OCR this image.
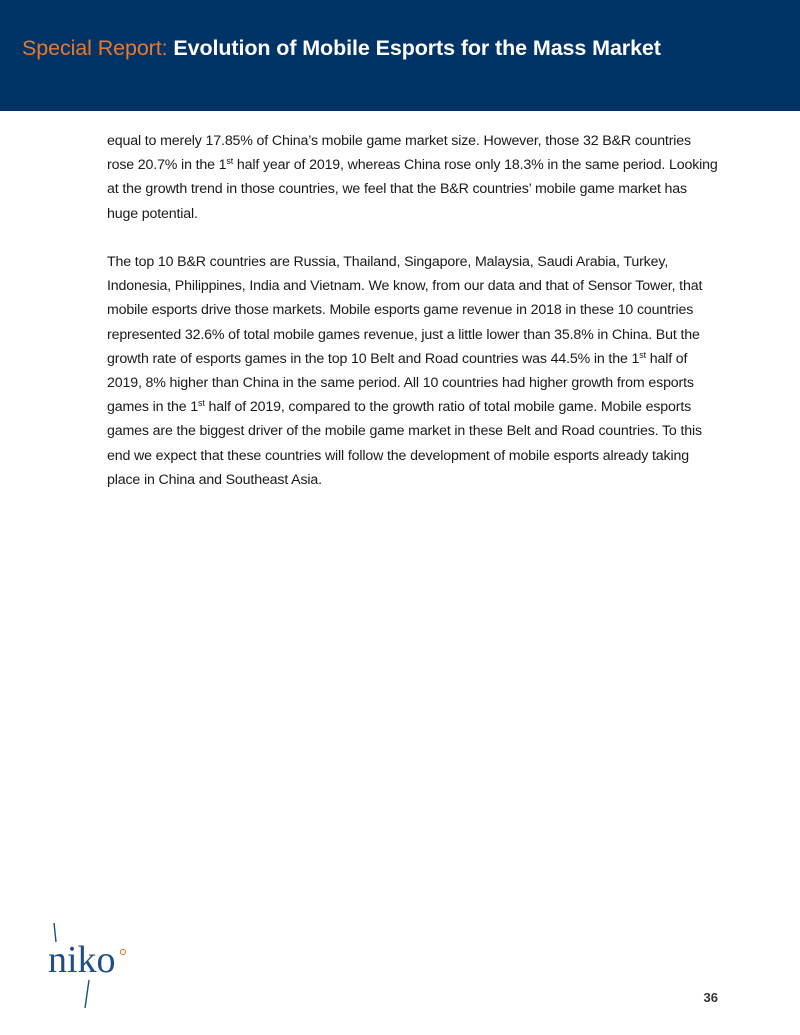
Special Report: Evolution of Mobile Esports for the Mass Market

equal to merely 17.85% of China’s mobile game market size. However, those 32 B&R countries rose 20.7% in the 1st half year of 2019, whereas China rose only 18.3% in the same period. Looking at the growth trend in those countries, we feel that the B&R countries’ mobile game market has huge potential.

The top 10 B&R countries are Russia, Thailand, Singapore, Malaysia, Saudi Arabia, Turkey, Indonesia, Philippines, India and Vietnam. We know, from our data and that of Sensor Tower, that mobile esports drive those markets. Mobile esports game revenue in 2018 in these 10 countries represented 32.6% of total mobile games revenue, just a little lower than 35.8% in China. But the growth rate of esports games in the top 10 Belt and Road countries was 44.5% in the 1st half of 2019, 8% higher than China in the same period. All 10 countries had higher growth from esports games in the 1st half of 2019, compared to the growth ratio of total mobile game. Mobile esports games are the biggest driver of the mobile game market in these Belt and Road countries. To this end we expect that these countries will follow the development of mobile esports already taking place in China and Southeast Asia.

niko
36
